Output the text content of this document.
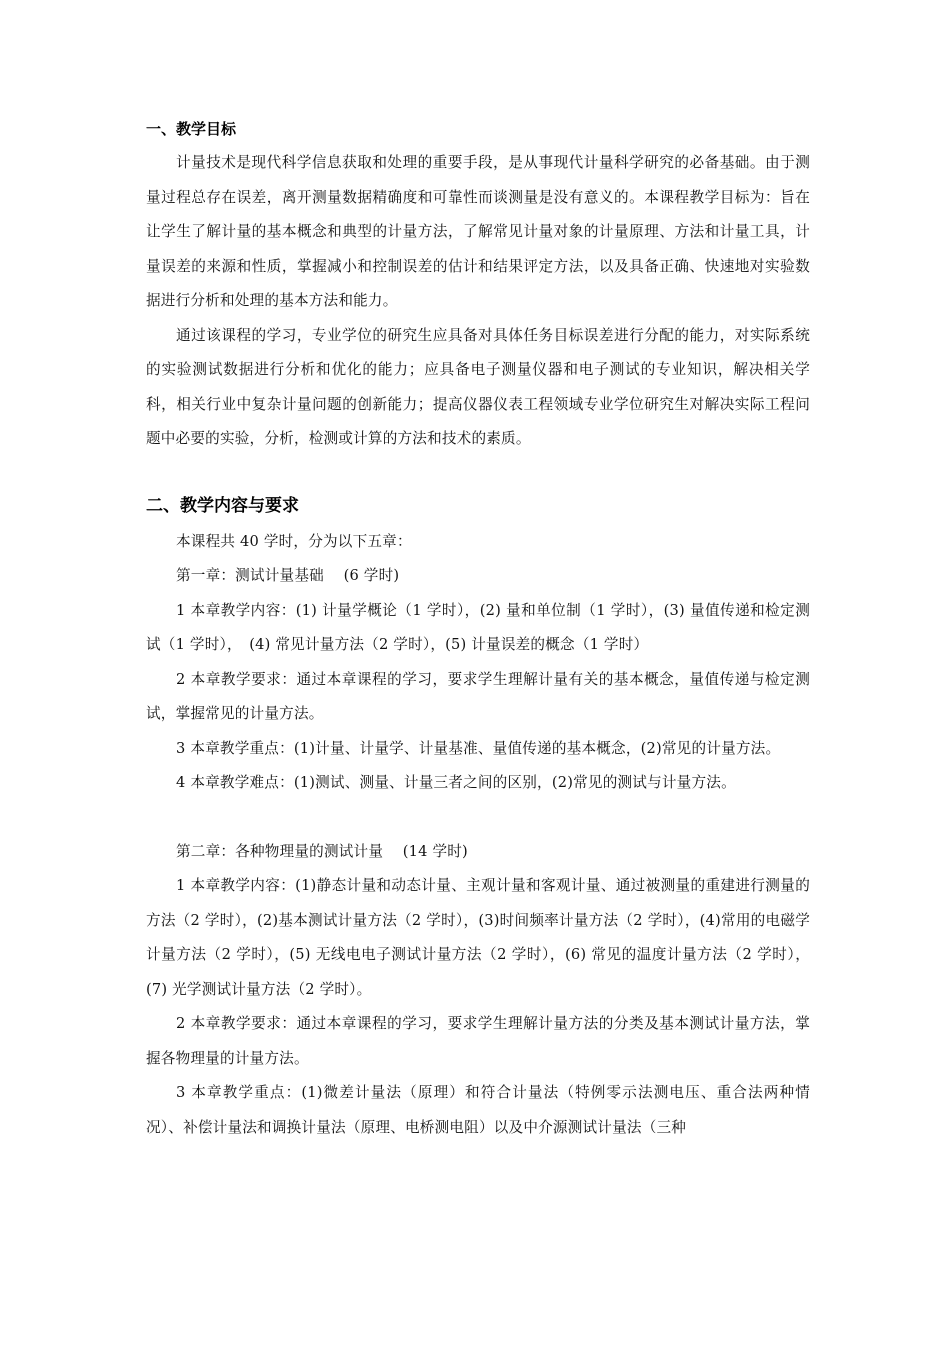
一、教学目标

计量技术是现代科学信息获取和处理的重要手段，是从事现代计量科学研究的必备基础。由于测量过程总存在误差，离开测量数据精确度和可靠性而谈测量是没有意义的。本课程教学目标为：旨在让学生了解计量的基本概念和典型的计量方法，了解常见计量对象的计量原理、方法和计量工具，计量误差的来源和性质，掌握减小和控制误差的估计和结果评定方法，以及具备正确、快速地对实验数据进行分析和处理的基本方法和能力。

通过该课程的学习，专业学位的研究生应具备对具体任务目标误差进行分配的能力，对实际系统的实验测试数据进行分析和优化的能力；应具备电子测量仪器和电子测试的专业知识，解决相关学科，相关行业中复杂计量问题的创新能力；提高仪器仪表工程领域专业学位研究生对解决实际工程问题中必要的实验，分析，检测或计算的方法和技术的素质。

二、教学内容与要求

本课程共 40 学时，分为以下五章：

第一章：测试计量基础　 (6 学时)

1 本章教学内容：(1) 计量学概论（1 学时），(2) 量和单位制（1 学时），(3) 量值传递和检定测试（1 学时），　(4) 常见计量方法（2 学时），(5) 计量误差的概念（1 学时）

2 本章教学要求：通过本章课程的学习，要求学生理解计量有关的基本概念，量值传递与检定测试，掌握常见的计量方法。

3 本章教学重点：(1)计量、计量学、计量基准、量值传递的基本概念，(2)常见的计量方法。

4 本章教学难点：(1)测试、测量、计量三者之间的区别，(2)常见的测试与计量方法。

第二章：各种物理量的测试计量　 (14 学时)

1 本章教学内容：(1)静态计量和动态计量、主观计量和客观计量、通过被测量的重建进行测量的方法（2 学时），(2)基本测试计量方法（2 学时），(3)时间频率计量方法（2 学时），(4)常用的电磁学计量方法（2 学时），(5) 无线电电子测试计量方法（2 学时），(6) 常见的温度计量方法（2 学时），(7) 光学测试计量方法（2 学时）。

2 本章教学要求：通过本章课程的学习，要求学生理解计量方法的分类及基本测试计量方法，掌握各物理量的计量方法。

3 本章教学重点：(1)微差计量法（原理）和符合计量法（特例零示法测电压、重合法两种情况）、补偿计量法和调换计量法（原理、电桥测电阻）以及中介源测试计量法（三种
